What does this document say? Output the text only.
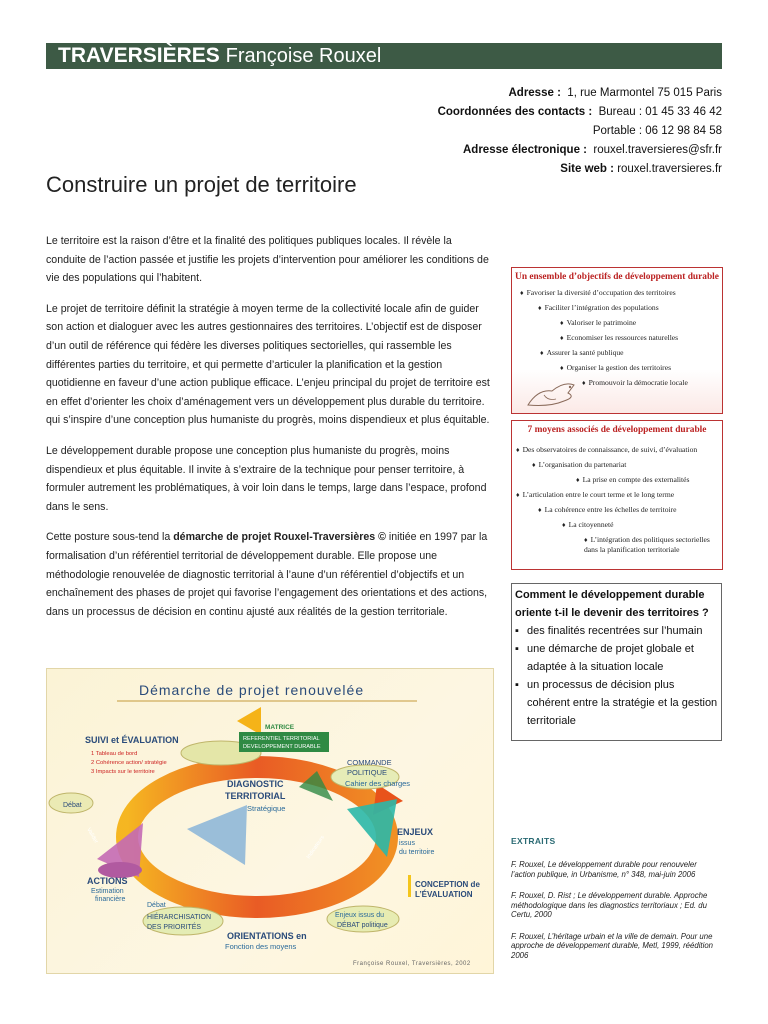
TRAVERSIÈRES Françoise Rouxel
Adresse : 1, rue Marmontel 75 015 Paris
Coordonnées des contacts : Bureau : 01 45 33 46 42
Portable : 06 12 98 84 58
Adresse électronique : rouxel.traversieres@sfr.fr
Site web : rouxel.traversieres.fr
Construire un projet de territoire

Le territoire est la raison d’être et la finalité des politiques publiques locales. Il révèle la conduite de l’action passée et justifie les projets d’intervention pour améliorer les conditions de vie des populations qui l’habitent.

Le projet de territoire définit la stratégie à moyen terme de la collectivité locale afin de guider son action et dialoguer avec les autres gestionnaires des territoires. L’objectif est de disposer d’un outil de référence qui fédère les diverses politiques sectorielles, qui rassemble les différentes parties du territoire, et qui permette d’articuler la planification et la gestion quotidienne en faveur d’une action publique efficace. L’enjeu principal du projet de territoire est en effet d’orienter les choix d’aménagement vers un développement plus durable du territoire. qui s’inspire d’une conception plus humaniste du progrès, moins dispendieux et plus équitable.

Le développement durable propose une conception plus humaniste du progrès, moins dispendieux et plus équitable. Il invite à s’extraire de la technique pour penser territoire, à formuler autrement les problématiques, à voir loin dans le temps, large dans l’espace, profond dans le sens.

Cette posture sous-tend la démarche de projet Rouxel-Traversières © initiée en 1997 par la formalisation d’un référentiel territorial de développement durable. Elle propose une méthodologie renouvelée de diagnostic territorial à l’aune d’un référentiel d’objectifs et un enchaînement des phases de projet qui favorise l’engagement des orientations et des actions, dans un processus de décision en continu ajusté aux réalités de la gestion territoriale.

Un ensemble d’objectifs de développement durable
♦ Favoriser la diversité d’occupation des territoires
♦ Faciliter l’intégration des populations
♦ Valoriser le patrimoine
♦ Economiser les ressources naturelles
♦ Assurer la santé publique
♦ Organiser la gestion des territoires
♦ Promouvoir la démocratie locale
7 moyens associés de développement durable
♦ Des observatoires de connaissance, de suivi, d’évaluation
♦ L’organisation du partenariat
♦ La prise en compte des externalités
♦ L’articulation entre le court terme et le long terme
♦ La cohérence entre les échelles de territoire
♦ La citoyenneté
♦ L’intégration des politiques sectorielles dans la planification territoriale
Comment le développement durable oriente t-il le devenir des territoires ?
▪ des finalités recentrées sur l’humain
▪ une démarche de projet globale et adaptée à la situation locale
▪ un processus de décision plus cohérent entre la stratégie et la gestion territoriale
EXTRAITS

F. Rouxel, Le développement durable pour renouveler l’action publique, in Urbanisme, n° 348, mai-juin 2006

F. Rouxel, D. Rist ; Le développement durable. Approche méthodologique dans les diagnostics territoriaux ; Ed. du Certu, 2000

F. Rouxel, L’héritage urbain et la ville de demain. Pour une approche de développement durable, Metl, 1999, réédition 2006

Démarche de projet renouvelée
MATRICE
REFERENTIEL TERRITORIAL
DEVELOPPEMENT DURABLE
SUIVI et ÉVALUATION
1 Tableau de bord
2 Cohérence action/ stratégie
3 Impacts sur le territoire
DIAGNOSTIC
TERRITORIAL
Stratégique
COMMANDE
POLITIQUE
Cahier des charges
Débat
ENJEUX
issus
du territoire
ACTIONS
Estimation
financière
CONCEPTION de
L’ÉVALUATION
Débat
HIÉRARCHISATION
DES PRIORITÉS
ORIENTATIONS en
Fonction des moyens
Enjeux issus du
DÉBAT politique
Valider	Indicateurs
Françoise Rouxel, Traversières, 2002
